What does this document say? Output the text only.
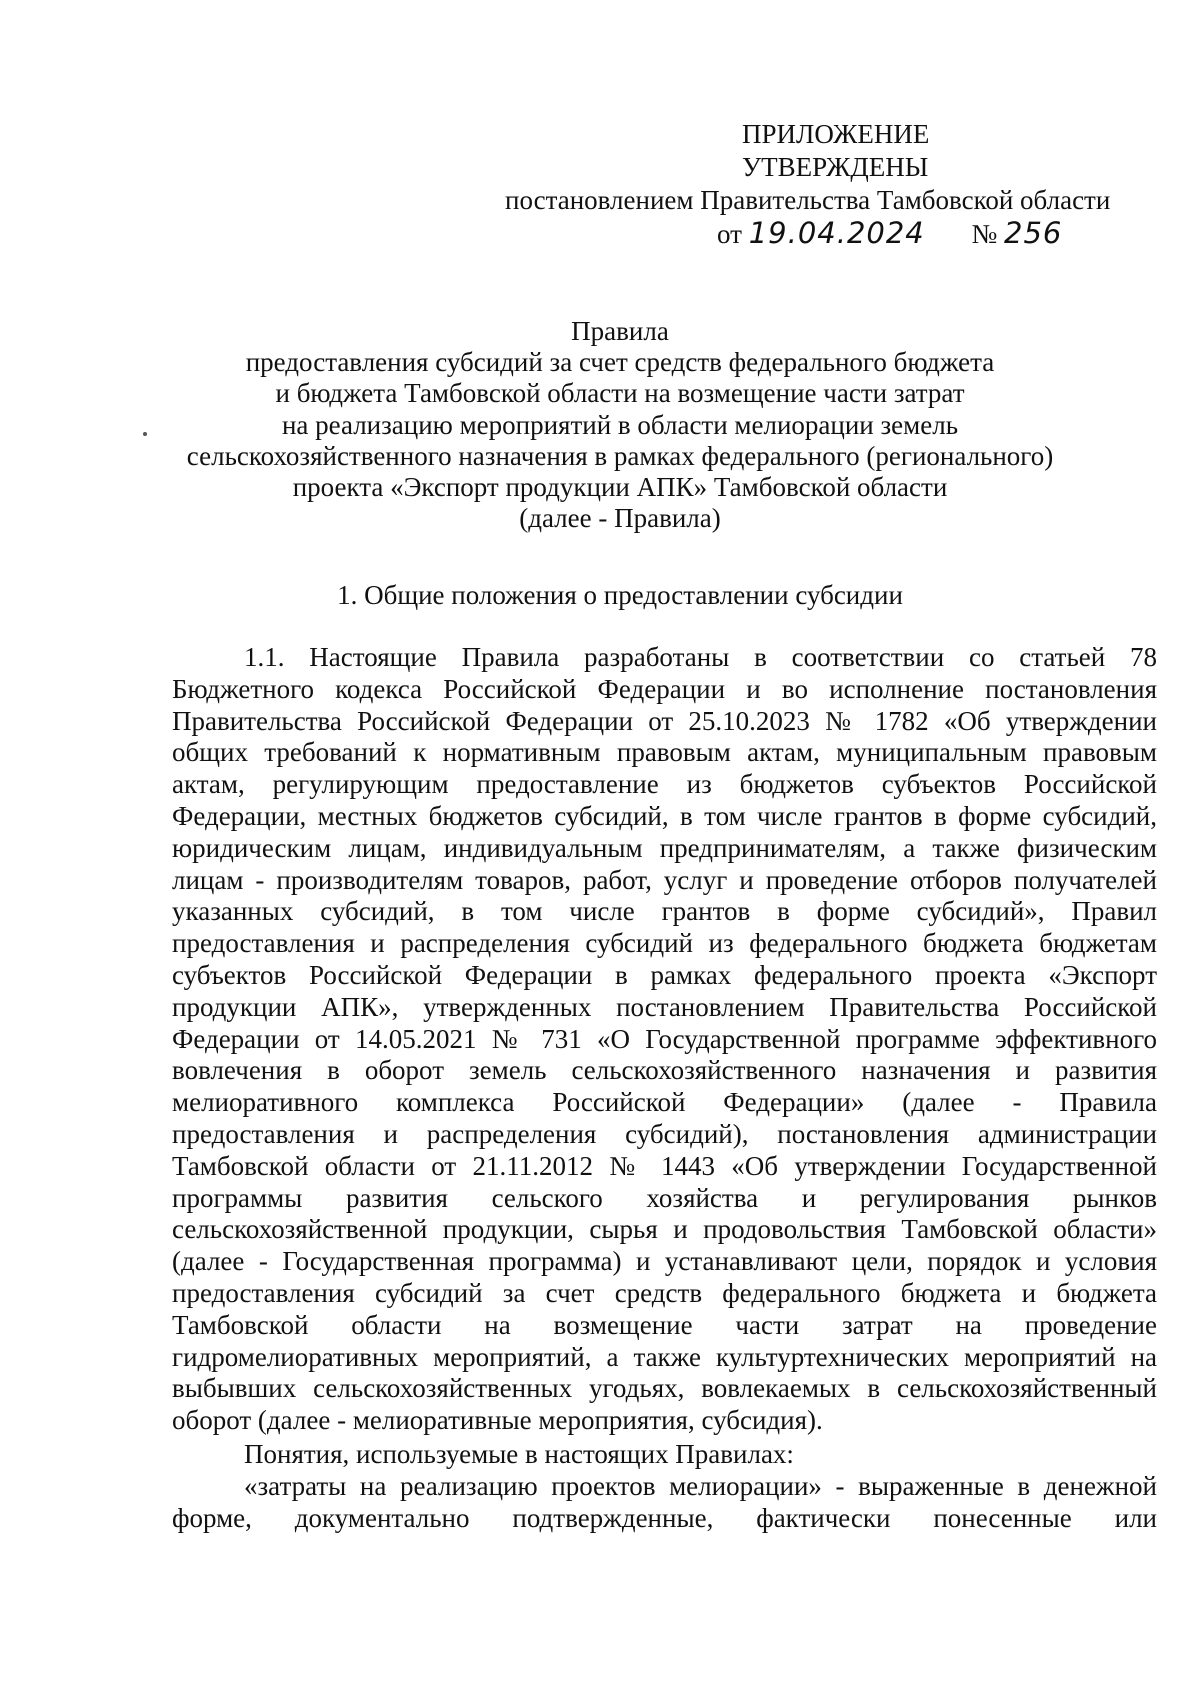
ПРИЛОЖЕНИЕ
УТВЕРЖДЕНЫ
постановлением Правительства Тамбовской области
от 19.04.2024 № 256
Правила
предоставления субсидий за счет средств федерального бюджета
и бюджета Тамбовской области на возмещение части затрат
на реализацию мероприятий в области мелиорации земель
сельскохозяйственного назначения в рамках федерального (регионального)
проекта «Экспорт продукции АПК» Тамбовской области
(далее - Правила)
1. Общие положения о предоставлении субсидии

1.1. Настоящие Правила разработаны в соответствии со статьей 78 Бюджетного кодекса Российской Федерации и во исполнение постановления Правительства Российской Федерации от 25.10.2023 № 1782 «Об утверждении общих требований к нормативным правовым актам, муниципальным правовым актам, регулирующим предоставление из бюджетов субъектов Российской Федерации, местных бюджетов субсидий, в том числе грантов в форме субсидий, юридическим лицам, индивидуальным предпринимателям, а также физическим лицам - производителям товаров, работ, услуг и проведение отборов получателей указанных субсидий, в том числе грантов в форме субсидий», Правил предоставления и распределения субсидий из федерального бюджета бюджетам субъектов Российской Федерации в рамках федерального проекта «Экспорт продукции АПК», утвержденных постановлением Правительства Российской Федерации от 14.05.2021 № 731 «О Государственной программе эффективного вовлечения в оборот земель сельскохозяйственного назначения и развития мелиоративного комплекса Российской Федерации» (далее - Правила предоставления и распределения субсидий), постановления администрации Тамбовской области от 21.11.2012 № 1443 «Об утверждении Государственной программы развития сельского хозяйства и регулирования рынков сельскохозяйственной продукции, сырья и продовольствия Тамбовской области» (далее - Государственная программа) и устанавливают цели, порядок и условия предоставления субсидий за счет средств федерального бюджета и бюджета Тамбовской области на возмещение части затрат на проведение гидромелиоративных мероприятий, а также культуртехнических мероприятий на выбывших сельскохозяйственных угодьях, вовлекаемых в сельскохозяйственный оборот (далее - мелиоративные мероприятия, субсидия).

Понятия, используемые в настоящих Правилах:

«затраты на реализацию проектов мелиорации» - выраженные в денежной форме, документально подтвержденные, фактически понесенные или
